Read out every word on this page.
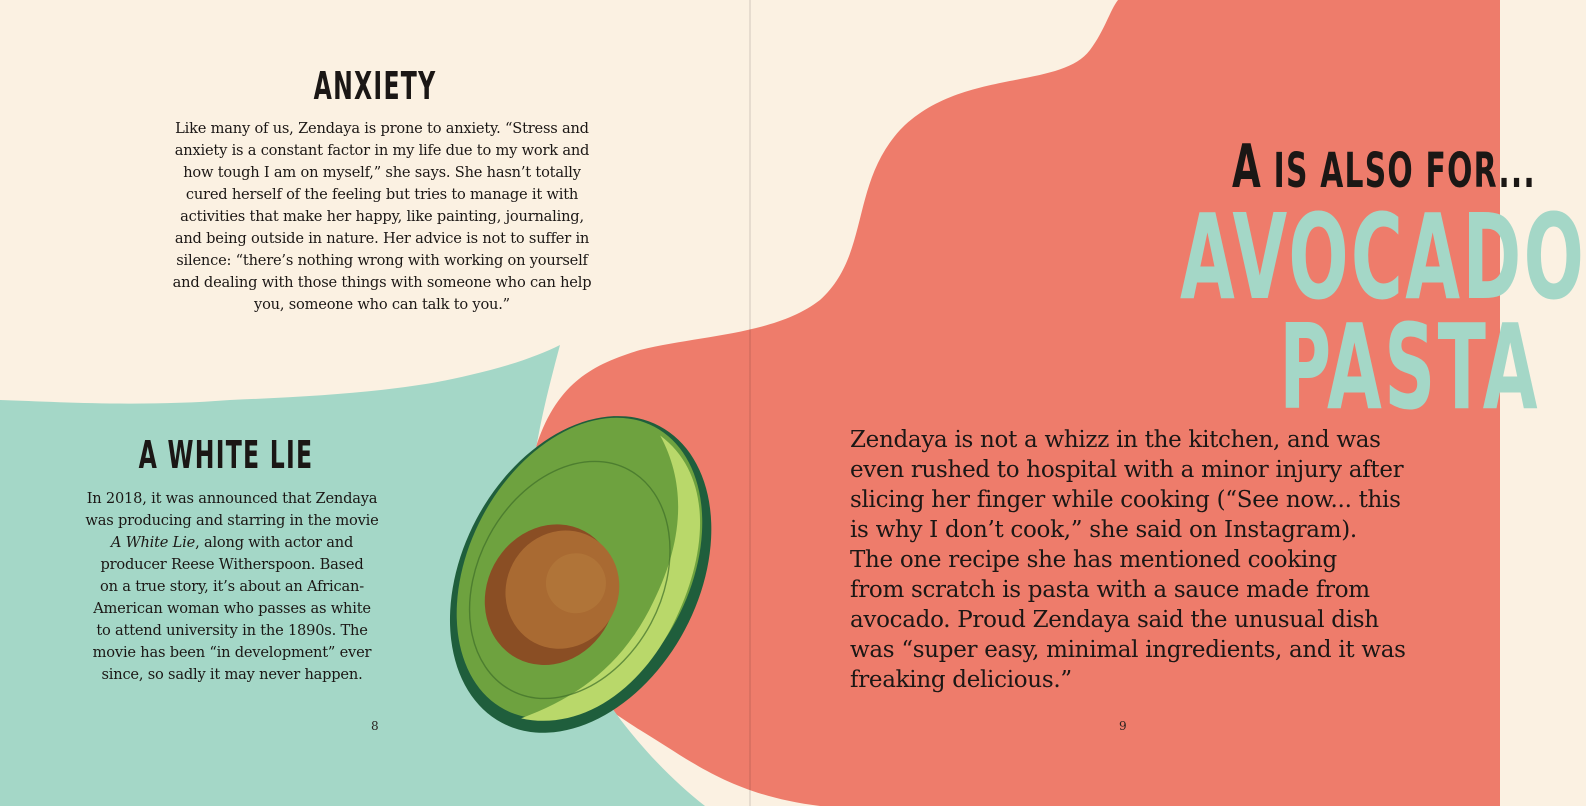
ANXIETY

Like many of us, Zendaya is prone to anxiety. “Stress and
anxiety is a constant factor in my life due to my work and
how tough I am on myself,” she says. She hasn’t totally
cured herself of the feeling but tries to manage it with
activities that make her happy, like painting, journaling,
and being outside in nature. Her advice is not to suffer in
silence: “there’s nothing wrong with working on yourself
and dealing with those things with someone who can help
you, someone who can talk to you.”

A WHITE LIE

In 2018, it was announced that Zendaya
was producing and starring in the movie
A White Lie, along with actor and
producer Reese Witherspoon. Based
on a true story, it’s about an African-
American woman who passes as white
to attend university in the 1890s. The
movie has been “in development” ever
since, so sadly it may never happen.

8
A IS ALSO FOR...
AVOCADO
PASTA

Zendaya is not a whizz in the kitchen, and was
even rushed to hospital with a minor injury after
slicing her finger while cooking (“See now... this
is why I don’t cook,” she said on Instagram).
The one recipe she has mentioned cooking
from scratch is pasta with a sauce made from
avocado. Proud Zendaya said the unusual dish
was “super easy, minimal ingredients, and it was
freaking delicious.”

9
